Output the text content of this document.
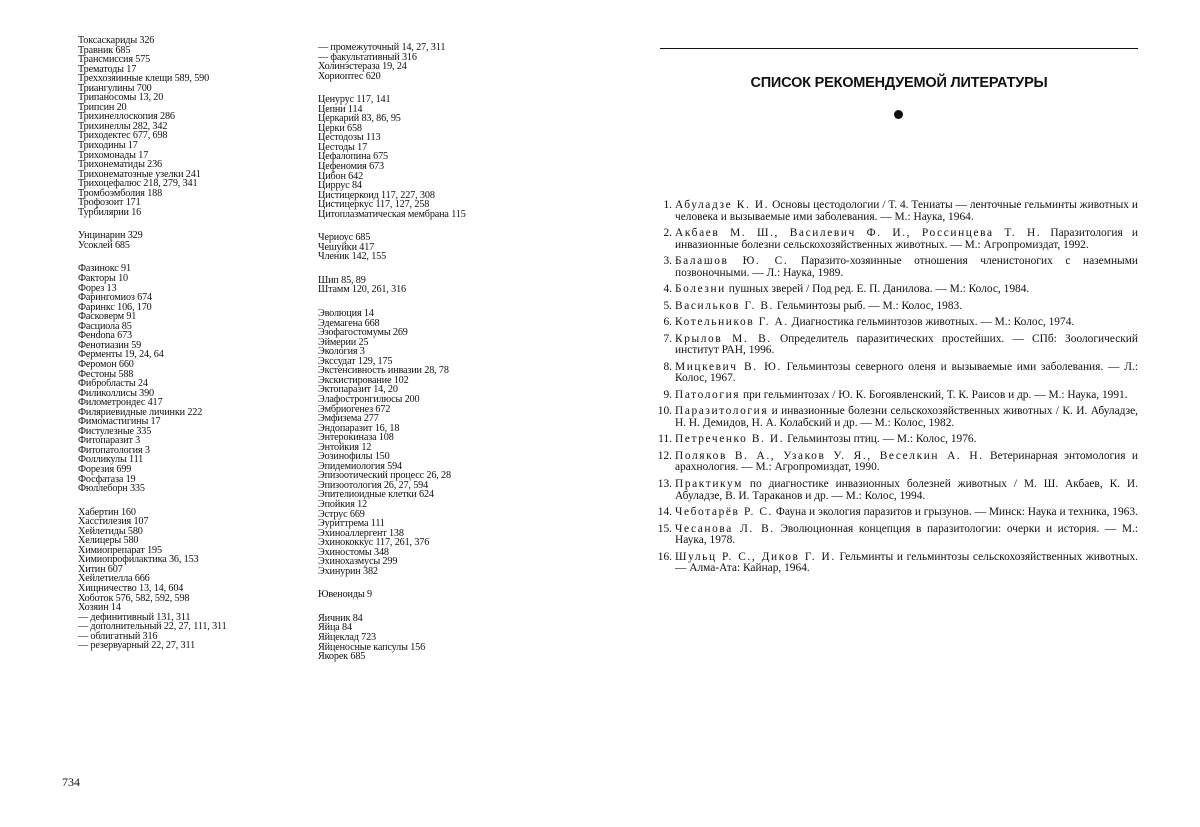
Токсаскариды 326
Травник 685
Трансмиссия 575
Трематоды 17
Треххозяинные клещи 589, 590
Триангулины 700
Трипаносомы 13, 20
Трипсин 20
Трихинеллоскопия 286
Трихинеллы 282, 342
Триходектес 677, 698
Триходины 17
Трихомонады 17
Трихонематиды 236
Трихонематозные узелки 241
Трихоцефалюс 218, 279, 341
Тромбоэмболия 188
Трофозоит 171
Турбилярии 16
Унцинарин 329
Усоклей 685
Фазинокс 91
Факторы 10
Форез 13
Фарингомиоз 674
Фаринкс 106, 170
Фасковерм 91
Фасциола 85
Фенdona 673
Фенотиазин 59
Ферменты 19, 24, 64
Феромон 660
Фестоны 588
Фибробласты 24
Филиколлисы 390
Филометрондес 417
Филяриевидные личинки 222
Фимомастигины 17
Фистулезные 335
Фитопаразит 3
Фитопатология 3
Фолликулы 111
Форезия 699
Фосфатаза 19
Фюллеборн 335
Хабертин 160
Хасстилезия 107
Хейлетиды 580
Хелицеры 580
Химиопрепарат 195
Химиопрофилактика 36, 153
Хитин 607
Хейлетиелла 666
Хищничество 13, 14, 604
Хоботок 576, 582, 592, 598
Хозяин 14
— дефинитивный 131, 311
— дополнительный 22, 27, 111, 311
— облигатный 316
— резервуарный 22, 27, 311
— промежуточный 14, 27, 311
— факультативный 316
Холинэстераза 19, 24
Хориоптес 620
Ценурус 117, 141
Цепни 114
Церкарий 83, 86, 95
Церки 658
Цестодозы 113
Цестоды 17
Цефалопина 675
Цефеномия 673
Цибон 642
Циррус 84
Цистицеркоид 117, 227, 308
Цистицеркус 117, 127, 258
Цитоплазматическая мембрана 115
Чериоус 685
Чешуйки 417
Членик 142, 155
Шип 85, 89
Штамм 120, 261, 316
Эволюция 14
Эдемагена 668
Эзофагостомумы 269
Эймерии 25
Экология 3
Экссудат 129, 175
Экстенсивность инвазии 28, 78
Экскистирование 102
Эктопаразит 14, 20
Элафостронгилюсы 200
Эмбриогенез 672
Эмфизема 277
Эндопаразит 16, 18
Энтерокиназа 108
Энтойкия 12
Эозинофилы 150
Эпидемиология 594
Эпизоотический процесс 26, 28
Эпизоотология 26, 27, 594
Эпителиоидные клетки 624
Эпойкия 12
Эструс 669
Эуриттрема 111
Эхиноаллергент 138
Эхинококкус 117, 261, 376
Эхиностомы 348
Эхинохазмусы 299
Эхинурин 382
Ювеноиды 9
Яичник 84
Яйца 84
Яйцеклад 723
Яйценосные капсулы 156
Якорек 685
734
СПИСОК РЕКОМЕНДУЕМОЙ ЛИТЕРАТУРЫ
1. Абуладзе К. И. Основы цестодологии / Т. 4. Тениаты — ленточные гельминты животных и человека и вызываемые ими заболевания. — М.: Наука, 1964.
2. Акбаев М. Ш., Василевич Ф. И., Россинцева Т. Н. Паразитология и инвазионные болезни сельскохозяйственных животных. — М.: Агропромиздат, 1992.
3. Балашов Ю. С. Паразито-хозяинные отношения членистоногих с наземными позвоночными. — Л.: Наука, 1989.
4. Болезни пушных зверей / Под ред. Е. П. Данилова. — М.: Колос, 1984.
5. Васильков Г. В. Гельминтозы рыб. — М.: Колос, 1983.
6. Котельников Г. А. Диагностика гельминтозов животных. — М.: Колос, 1974.
7. Крылов М. В. Определитель паразитических простейших. — СПб: Зоологический институт РАН, 1996.
8. Мицкевич В. Ю. Гельминтозы северного оленя и вызываемые ими заболевания. — Л.: Колос, 1967.
9. Патология при гельминтозах / Ю. К. Богоявленский, Т. К. Раисов и др. — М.: Наука, 1991.
10. Паразитология и инвазионные болезни сельскохозяйственных животных / К. И. Абуладзе, Н. Н. Демидов, Н. А. Колабский и др. — М.: Колос, 1982.
11. Петреченко В. И. Гельминтозы птиц. — М.: Колос, 1976.
12. Поляков В. А., Узаков У. Я., Веселкин А. Н. Ветеринарная энтомология и арахнология. — М.: Агропромиздат, 1990.
13. Практикум по диагностике инвазионных болезней животных / М. Ш. Акбаев, К. И. Абуладзе, В. И. Тараканов и др. — М.: Колос, 1994.
14. Чеботарёв Р. С. Фауна и экология паразитов и грызунов. — Минск: Наука и техника, 1963.
15. Чесанова Л. В. Эволюционная концепция в паразитологии: очерки и история. — М.: Наука, 1978.
16. Шульц Р. С., Диков Г. И. Гельминты и гельминтозы сельскохозяйственных животных. — Алма-Ата: Кайнар, 1964.
